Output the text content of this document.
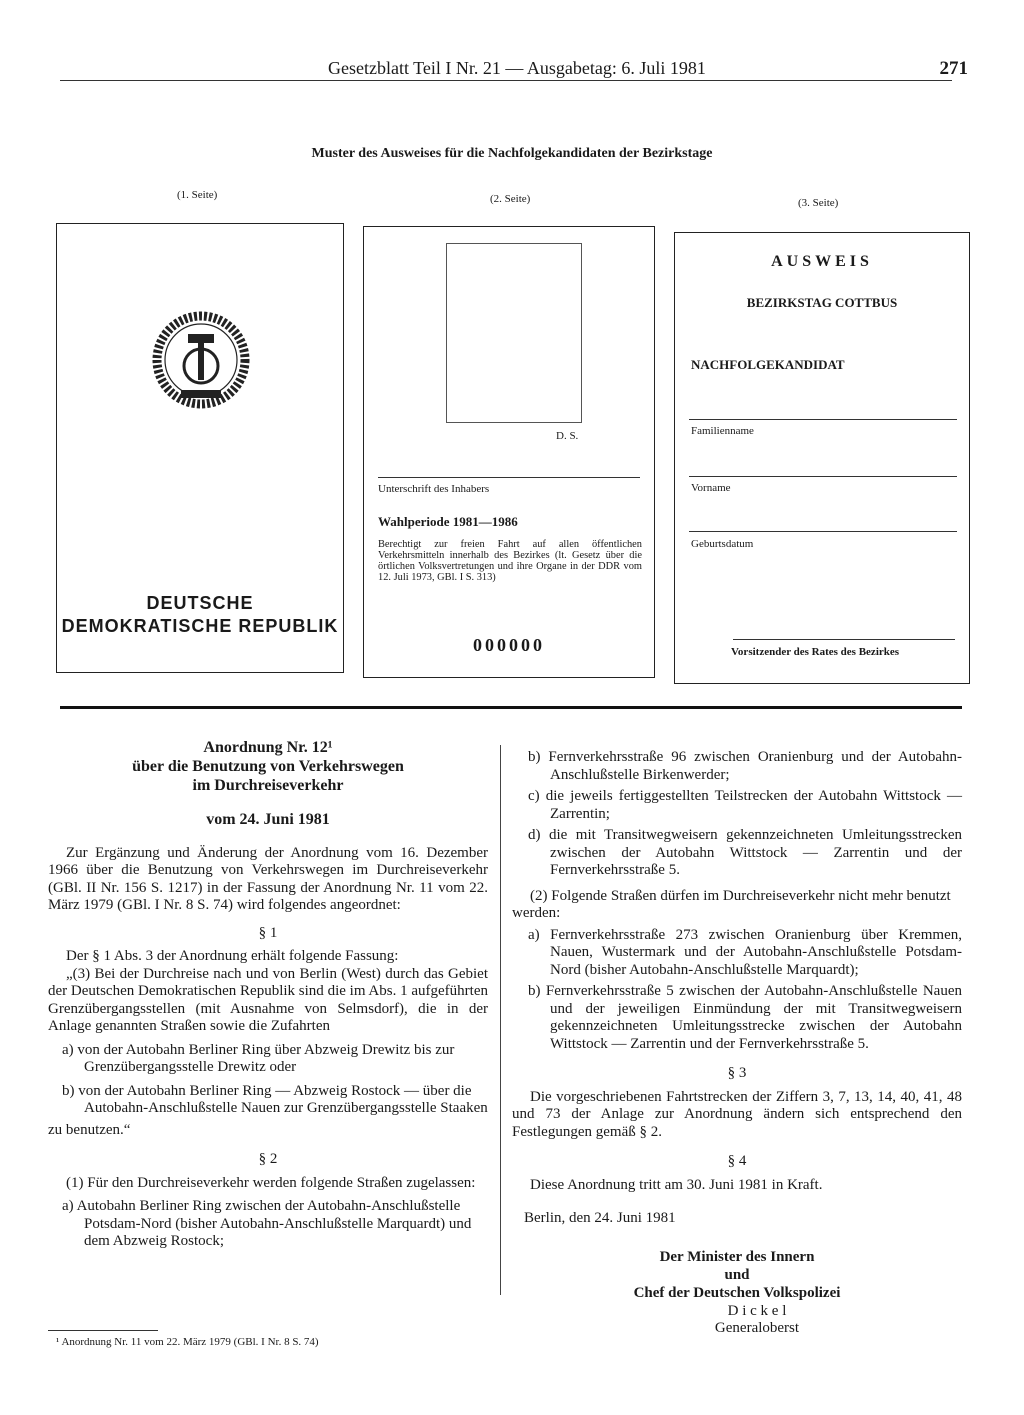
Gesetzblatt Teil I Nr. 21 — Ausgabetag: 6. Juli 1981	271
Muster des Ausweises für die Nachfolgekandidaten der Bezirkstage
(1. Seite)	(2. Seite)	(3. Seite)
DEUTSCHE
DEMOKRATISCHE REPUBLIK
D. S.
Unterschrift des Inhabers
Wahlperiode 1981—1986
Berechtigt zur freien Fahrt auf allen öffentlichen Verkehrsmitteln innerhalb des Bezirkes (lt. Gesetz über die örtlichen Volksvertretungen und ihre Organe in der DDR vom 12. Juli 1973, GBl. I S. 313)
000000
AUSWEIS
BEZIRKSTAG COTTBUS
NACHFOLGEKANDIDAT
Familienname
Vorname
Geburtsdatum
Vorsitzender des Rates des Bezirkes
Anordnung Nr. 12¹
über die Benutzung von Verkehrswegen
im Durchreiseverkehr
vom 24. Juni 1981

Zur Ergänzung und Änderung der Anordnung vom 16. Dezember 1966 über die Benutzung von Verkehrswegen im Durchreiseverkehr (GBl. II Nr. 156 S. 1217) in der Fassung der Anordnung Nr. 11 vom 22. März 1979 (GBl. I Nr. 8 S. 74) wird folgendes angeordnet:

§ 1

Der § 1 Abs. 3 der Anordnung erhält folgende Fassung:

„(3) Bei der Durchreise nach und von Berlin (West) durch das Gebiet der Deutschen Demokratischen Republik sind die im Abs. 1 aufgeführten Grenzübergangsstellen (mit Ausnahme von Selmsdorf), die in der Anlage genannten Straßen sowie die Zufahrten

a) von der Autobahn Berliner Ring über Abzweig Drewitz bis zur Grenzübergangsstelle Drewitz oder

b) von der Autobahn Berliner Ring — Abzweig Rostock — über die Autobahn-Anschlußstelle Nauen zur Grenzübergangsstelle Staaken

zu benutzen.“

§ 2

(1) Für den Durchreiseverkehr werden folgende Straßen zugelassen:

a) Autobahn Berliner Ring zwischen der Autobahn-Anschlußstelle Potsdam-Nord (bisher Autobahn-Anschlußstelle Marquardt) und dem Abzweig Rostock;

¹ Anordnung Nr. 11 vom 22. März 1979 (GBl. I Nr. 8 S. 74)

b) Fernverkehrsstraße 96 zwischen Oranienburg und der Autobahn-Anschlußstelle Birkenwerder;

c) die jeweils fertiggestellten Teilstrecken der Autobahn Wittstock — Zarrentin;

d) die mit Transitwegweisern gekennzeichneten Umleitungsstrecken zwischen der Autobahn Wittstock — Zarrentin und der Fernverkehrsstraße 5.

(2) Folgende Straßen dürfen im Durchreiseverkehr nicht mehr benutzt werden:

a) Fernverkehrsstraße 273 zwischen Oranienburg über Kremmen, Nauen, Wustermark und der Autobahn-Anschlußstelle Potsdam-Nord (bisher Autobahn-Anschlußstelle Marquardt);

b) Fernverkehrsstraße 5 zwischen der Autobahn-Anschlußstelle Nauen und der jeweiligen Einmündung der mit Transitwegweisern gekennzeichneten Umleitungsstrecke zwischen der Autobahn Wittstock — Zarrentin und der Fernverkehrsstraße 5.

§ 3

Die vorgeschriebenen Fahrtstrecken der Ziffern 3, 7, 13, 14, 40, 41, 48 und 73 der Anlage zur Anordnung ändern sich entsprechend den Festlegungen gemäß § 2.

§ 4

Diese Anordnung tritt am 30. Juni 1981 in Kraft.

Berlin, den 24. Juni 1981

Der Minister des Innern
und
Chef der Deutschen Volkspolizei
D i c k e l
Generaloberst
